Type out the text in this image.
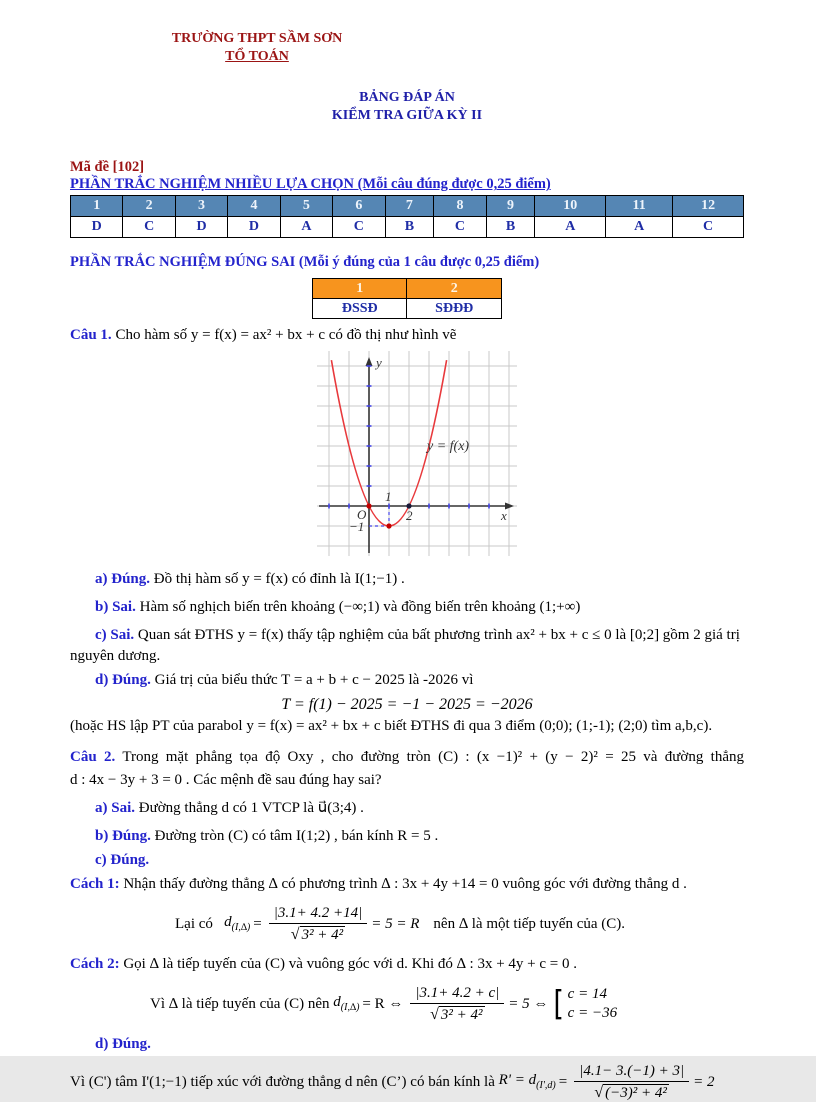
TRƯỜNG THPT SẦM SƠN
TỔ TOÁN
BẢNG ĐÁP ÁN
KIỂM TRA GIỮA KỲ II
Mã đề [102]
PHẦN TRẮC NGHIỆM NHIỀU LỰA CHỌN (Mỗi câu đúng được 0,25 điểm)
1	2	3	4	5	6	7	8	9	10	11	12
D	C	D	D	A	C	B	C	B	A	A	C
PHẦN TRẮC NGHIỆM ĐÚNG SAI (Mỗi ý đúng của 1 câu được 0,25 điểm)
1	2
ĐSSĐ	SĐĐĐ

Câu 1. Cho hàm số y = f(x) = ax² + bx + c có đồ thị như hình vẽ

y
x
O
1
2
−1
y = f(x)

a) Đúng. Đồ thị hàm số y = f(x) có đỉnh là I(1;−1) .

b) Sai. Hàm số nghịch biến trên khoảng (−∞;1) và đồng biến trên khoảng (1;+∞)

c) Sai. Quan sát ĐTHS y = f(x) thấy tập nghiệm của bất phương trình ax² + bx + c ≤ 0 là [0;2] gồm 2 giá trị nguyên dương.

d) Đúng. Giá trị của biểu thức T = a + b + c − 2025 là -2026 vì

T = f(1) − 2025 = −1 − 2025 = −2026

(hoặc HS lập PT của parabol y = f(x) = ax² + bx + c biết ĐTHS đi qua 3 điểm (0;0); (1;-1); (2;0) tìm a,b,c).

Câu 2. Trong mặt phẳng tọa độ Oxy , cho đường tròn (C) : (x −1)² + (y − 2)² = 25 và đường thẳng
d : 4x − 3y + 3 = 0 . Các mệnh đề sau đúng hay sai?

a) Sai. Đường thẳng d có 1 VTCP là u⃗(3;4) .

b) Đúng. Đường tròn (C) có tâm I(1;2) , bán kính R = 5 .

c) Đúng.

Cách 1: Nhận thấy đường thẳng ∆ có phương trình ∆ : 3x + 4y +14 = 0 vuông góc với đường thẳng d .

Lại có
$d_{(I,\Delta)} = \frac{|3.1+ 4.2 +14|}{\text{√ 3² + 4²}} = 5 = R$ nên ∆ là một tiếp tuyến của (C).

Cách 2: Gọi ∆ là tiếp tuyến của (C) và vuông góc với d. Khi đó ∆ : 3x + 4y + c = 0 .

Vì ∆ là tiếp tuyến của (C) nên
$d_{(I,\Delta)} = R$ ⇔ $\frac{|3.1+ 4.2 + c|}{\text{√ 3² + 4²}} = 5$ ⇔ [ c = 14
c = −36

d) Đúng.

Vì (C') tâm I'(1;−1) tiếp xúc với đường thẳng d nên (C’) có bán kính là
$R' = d_{(I',d)} = \frac{|4.1- 3.(-1) + 3|}{\text{√ (−3)² + 4²}} = 2$
